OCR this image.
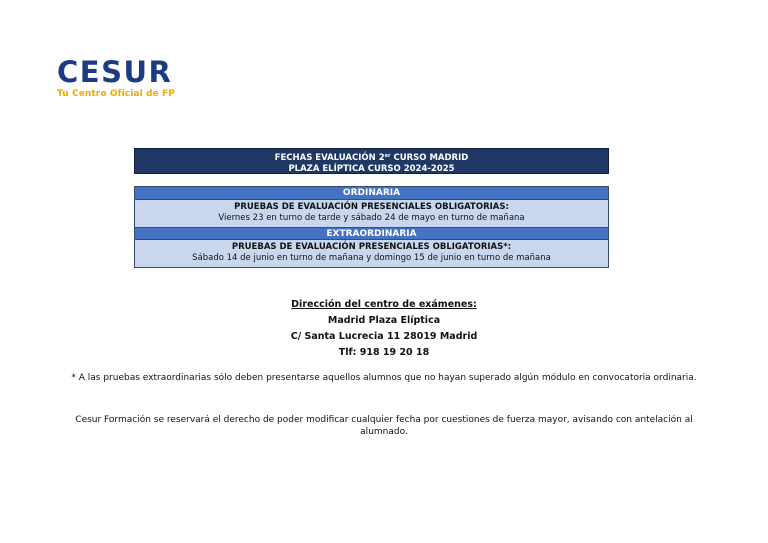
CESUR
Tu Centro Oficial de FP
FECHAS EVALUACIÓN 2er CURSO MADRID
PLAZA ELÍPTICA CURSO 2024-2025
ORDINARIA
PRUEBAS DE EVALUACIÓN PRESENCIALES OBLIGATORIAS:
Viernes 23 en turno de tarde y sábado 24 de mayo en turno de mañana
EXTRAORDINARIA
PRUEBAS DE EVALUACIÓN PRESENCIALES OBLIGATORIAS*:
Sábado 14 de junio en turno de mañana y domingo 15 de junio en turno de mañana
Dirección del centro de exámenes:
Madrid Plaza Elíptica
C/ Santa Lucrecia 11 28019 Madrid
Tlf: 918 19 20 18
* A las pruebas extraordinarias sólo deben presentarse aquellos alumnos que no hayan superado algún módulo en convocatoria ordinaria.
Cesur Formación se reservará el derecho de poder modificar cualquier fecha por cuestiones de fuerza mayor, avisando con antelación al alumnado.
